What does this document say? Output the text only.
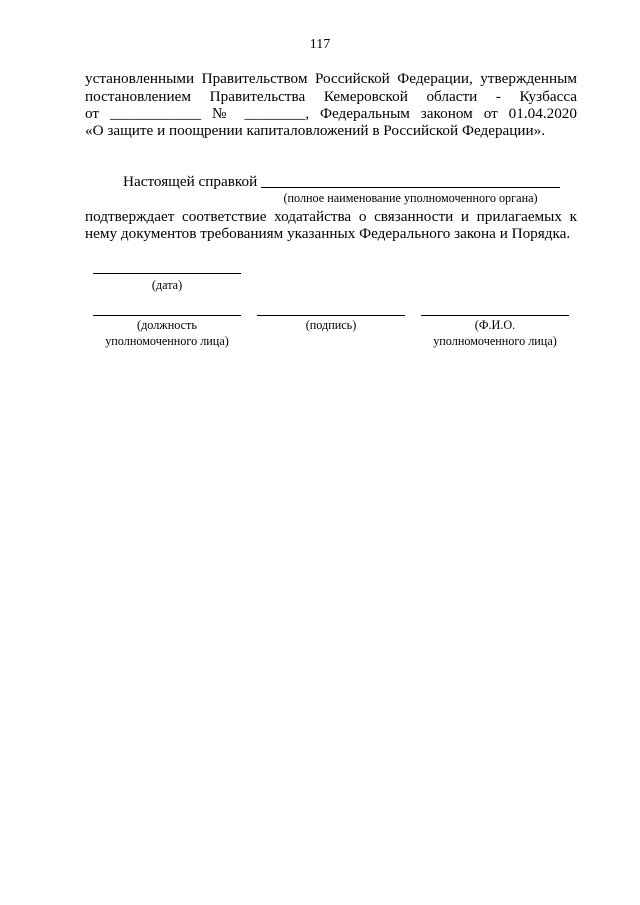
117
установленными Правительством Российской Федерации, утвержденным
постановлением Правительства Кемеровской области - Кузбасса
от ____________ № ________, Федеральным законом от 01.04.2020
«О защите и поощрении капиталовложений в Российской Федерации».
Настоящей справкой
(полное наименование уполномоченного органа)
подтверждает соответствие ходатайства о связанности и прилагаемых к
нему документов требованиям указанных Федерального закона и Порядка.
(дата)
(должность
уполномоченного лица)
(подпись)	(Ф.И.О.
уполномоченного лица)
